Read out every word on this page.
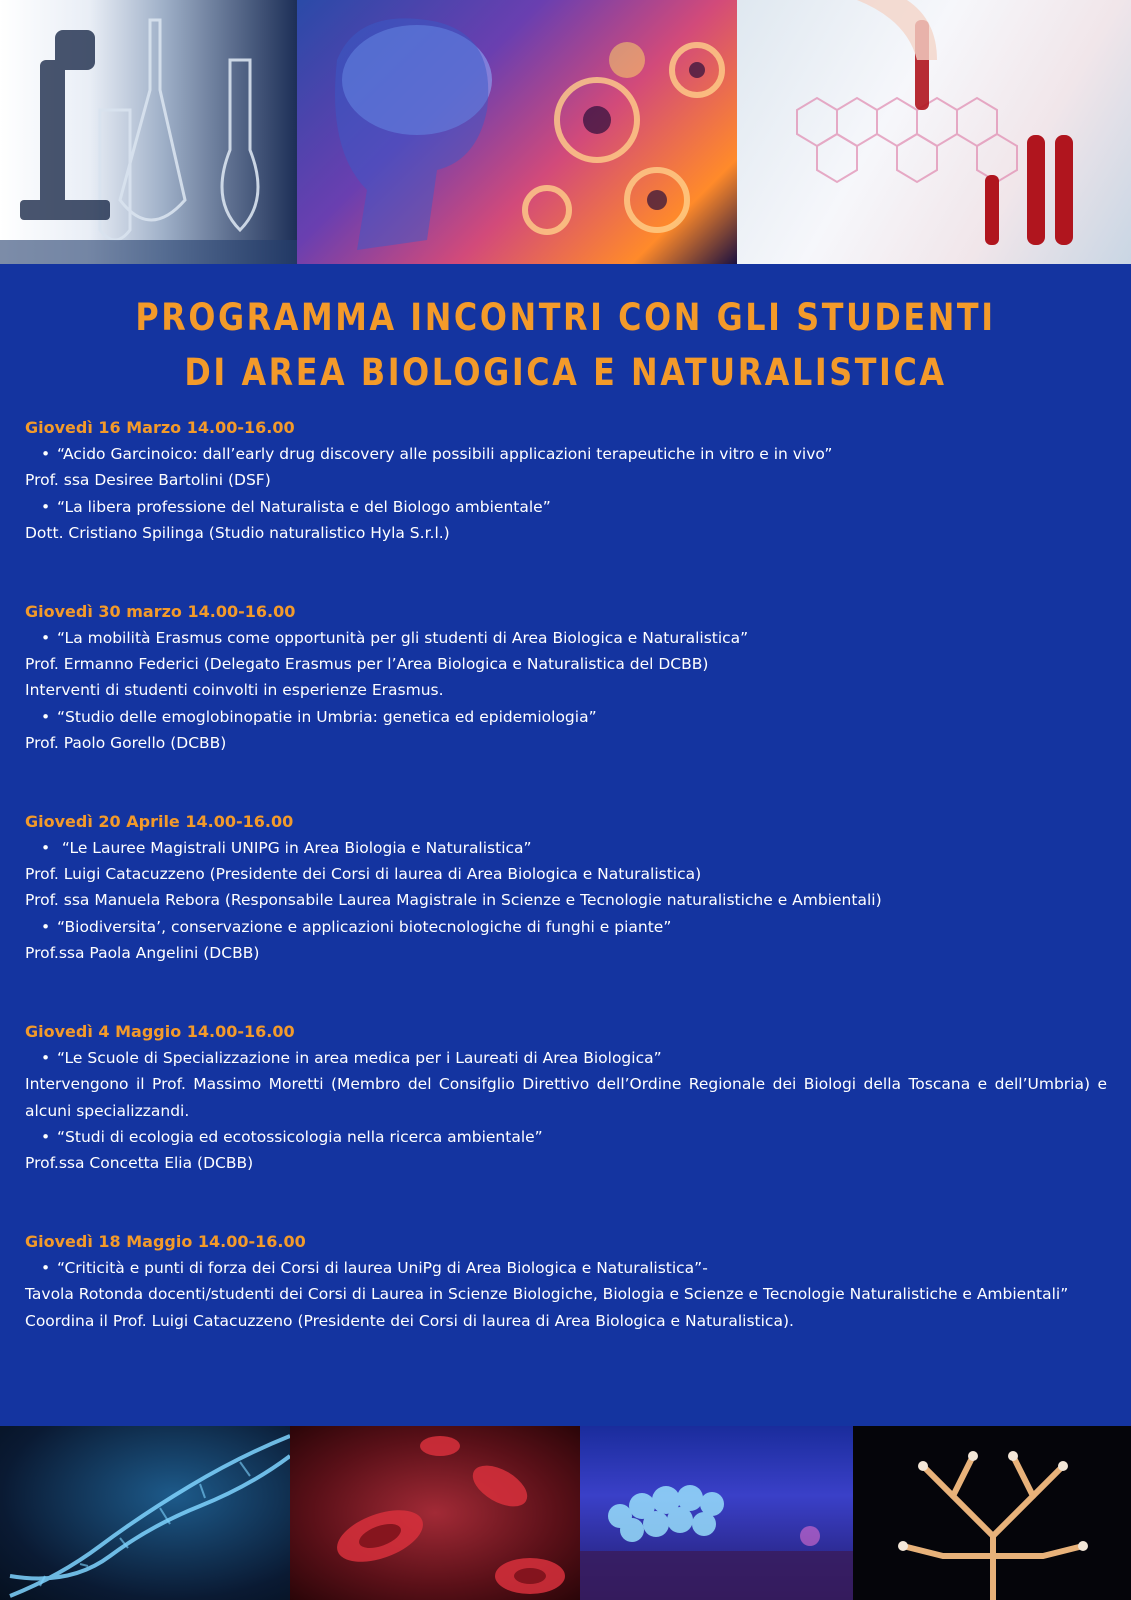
PROGRAMMA INCONTRI CON GLI STUDENTI
DI AREA BIOLOGICA E NATURALISTICA
Giovedì 16 Marzo 14.00-16.00
• “Acido Garcinoico: dall’early drug discovery alle possibili applicazioni terapeutiche in vitro e in vivo”
Prof. ssa Desiree Bartolini (DSF)
• “La libera professione del Naturalista e del Biologo ambientale”
Dott. Cristiano Spilinga (Studio naturalistico Hyla S.r.l.)
Giovedì 30 marzo 14.00-16.00
• “La mobilità Erasmus come opportunità per gli studenti di Area Biologica e Naturalistica”
Prof. Ermanno Federici (Delegato Erasmus per l’Area Biologica e Naturalistica del DCBB)
Interventi di studenti coinvolti in esperienze Erasmus.
• “Studio delle emoglobinopatie in Umbria: genetica ed epidemiologia”
Prof. Paolo Gorello (DCBB)
Giovedì 20 Aprile 14.00-16.00
• “Le Lauree Magistrali UNIPG in Area Biologia e Naturalistica”
Prof. Luigi Catacuzzeno (Presidente dei Corsi di laurea di Area Biologica e Naturalistica)
Prof. ssa Manuela Rebora (Responsabile Laurea Magistrale in Scienze e Tecnologie naturalistiche e Ambientali)
• “Biodiversita’, conservazione e applicazioni biotecnologiche di funghi e piante”
Prof.ssa Paola Angelini (DCBB)
Giovedì 4 Maggio 14.00-16.00
• “Le Scuole di Specializzazione in area medica per i Laureati di Area Biologica”
Intervengono il Prof. Massimo Moretti (Membro del Consifglio Direttivo dell’Ordine Regionale dei Biologi della Toscana e dell’Umbria) e alcuni specializzandi.
• “Studi di ecologia ed ecotossicologia nella ricerca ambientale”
Prof.ssa Concetta Elia (DCBB)
Giovedì 18 Maggio 14.00-16.00
• “Criticità e punti di forza dei Corsi di laurea UniPg di Area Biologica e Naturalistica”-
Tavola Rotonda docenti/studenti dei Corsi di Laurea in Scienze Biologiche, Biologia e Scienze e Tecnologie Naturalistiche e Ambientali”
Coordina il Prof. Luigi Catacuzzeno (Presidente dei Corsi di laurea di Area Biologica e Naturalistica).
